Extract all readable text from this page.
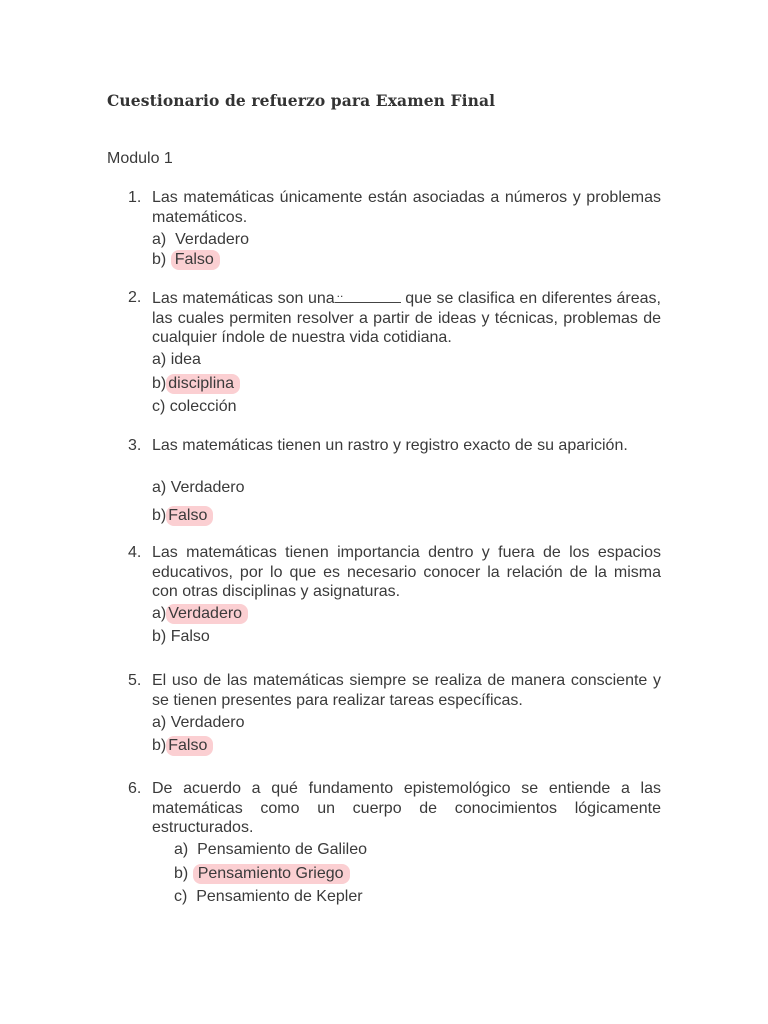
Cuestionario de refuerzo para Examen Final
Modulo 1
1. Las matemáticas únicamente están asociadas a números y problemas matemáticos.
a) Verdadero
b) Falso
2. Las matemáticas son una ..	que se clasifica en diferentes áreas, las cuales permiten resolver a partir de ideas y técnicas, problemas de cualquier índole de nuestra vida cotidiana.
a) idea
b) disciplina
c) colección
3. Las matemáticas tienen un rastro y registro exacto de su aparición.
a) Verdadero
b) Falso
4. Las matemáticas tienen importancia dentro y fuera de los espacios educativos, por lo que es necesario conocer la relación de la misma con otras disciplinas y asignaturas.
a) Verdadero
b) Falso
5. El uso de las matemáticas siempre se realiza de manera consciente y se tienen presentes para realizar tareas específicas.
a) Verdadero
b) Falso
6. De acuerdo a qué fundamento epistemológico se entiende a las matemáticas como un cuerpo de conocimientos lógicamente estructurados.
a) Pensamiento de Galileo
b) Pensamiento Griego
c) Pensamiento de Kepler
